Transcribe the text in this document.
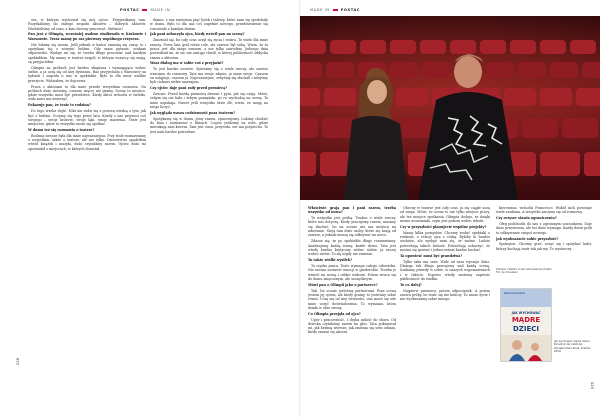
POSTAĆ	MADE IN

ora, w którym wychował się mój ojciec. Przyjeżdżamy tam. Pozyskaliśmy do stałego zespołu aktorów – dobrych aktorów. Wiedzieliśmy od razu, z kim chcemy pracować. Stefanie!

Pan jest z Olimpią, wcześniej osobno studiowała w Krakowie i Warszawie. Teraz mamy po raz pierwszy wspólnego reżysera.

Nie lubimy się razem. Jeśli jednak w końcu zmienią się czasy, to i spotykam się z nowymi ludźmi. Gdy mam pytanie, szukam odpowiedzi. Wydaje mi się, że trzeba długo pracować nad każdym spektaklem. My mamy w teatrze zespół, w którym wszyscy się znają, są przyjaciółmi.

Olimpia na próbach jest bardzo skupiona i wymagająca wobec siebie, a ja uczę się od niej dystansu. Raz przyjechała z Warszawy na tydzień i zagrała u nas w spektaklu. Było to dla mnie wielkie przeżycie. Widziałem, że dojrzewa.

Praca z aktorami to dla mnie przede wszystkim rozmowa. Na próbach dużo mówimy, czasem więcej niż gramy. Scena to miejsce, gdzie wszystko musi być prawdziwe. Kiedy aktor wchodzi w światło, widz musi mu uwierzyć.

Pokazuje pan, że teatr to rodzina?

Do tego trzeba dojść. Nikt nie rodzi się z gotową wiedzą o tym, jak być z ludźmi. Uczymy się tego przez lata. Każdy z nas przynosi coś swojego – swoje historie, swoje lęki, swoje marzenia. Teatr jest miejscem, gdzie to wszystko może się spotkać.

W domu też się rozmawia o teatrze?

Rodzina zawsze była dla mnie najważniejsza. Przy stole rozmawiamy o wszystkim, także o teatrze, ale nie tylko. Dzieciństwo spędziłem wśród książek i muzyki, dużo czytaliśmy razem. Ojciec dużo mi opowiadał o miejscach, w których dorastał.

tkanie, z nas wymienia pięć łyżek i talerzy, które nam się spodobały w domu. Było to dla nas coś zupełnie nowego, przedstawienie się rozrastało z każdym dniem.

Jak pani zobaczyła ojca, kiedy wrócił pan na scenę?

Zmieniał się, bo cały czas uczył się życia i teatru. To wiele dla mnie znaczy. Przez lata grał różne role, ale zawsze był sobą. Wiem, że ta praca jest dla niego sensem, a nie tylko zawodem. Jednego dnia powiedział mi, że nic nie zastąpi chwili, w której publiczność oddycha razem z aktorem.

Wasz dialog ma w sobie coś z przyjaźni?

To jest bardzo szczere. Spieramy się o wiele rzeczy, ale zawsze wracamy do rozmowy. Tata ma swoje zdanie, ja mam swoje. Czasem on ustępuje, czasem ja. Najważniejsze, żebyśmy się słuchali i żebyśmy byli ciekawi siebie nawzajem.

Czy ojciec daje pani rady przed premierą?

Zawsze. Przed każdą premierą dzwoni i pyta, jak się czuję. Mówi, żebym się nie bała i żebym pamiętała, po co wychodzę na scenę. To mnie uspokaja. Nawet jeśli wszystko idzie źle, wiem, że mogę na niego liczyć.

Jak wygląda wasza codzienność poza teatrem?

Spotykamy się w domu, jemy razem, spacerujemy. Lubimy chodzić do kina i rozmawiać o filmach. Często jeździmy na wieś, gdzie mieszkają nasi krewni. Tam jest cisza, przyroda, nie ma pośpiechu. To jest nam bardzo potrzebne.

026
MADE IN	POSTAĆ

Właściwie grają pan i pani razem, trzeba wszystko od nowa?

To wszystko jest próbą. Trudno o wiele rzeczy, które nas dotyczą. Kiedy pracujemy razem, musimy się słuchać, bo na scenie nie ma miejsca na udawanie. Stoją tam dwie osoby, które się znają od zawsze, a jednak muszą się odkrywać na nowo.

Zdarza się, że po spektaklu długo rozmawiamy. Analizujemy każdą scenę, każde słowo. Tata jest wtedy bardzo krytyczny wobec siebie, ja raczej wobec siebie. To się nigdy nie zmienia.

To także wielki wysiłek?

To ciężka praca. Teatr wymaga całego człowieka. Nie można zostawić emocji w garderobie. Trzeba je wnieść na scenę i oddać widzom. Potem wraca się do domu zmęczonym, ale szczęśliwym.

Mówi pan o Olimpii jako o partnerce?

Tak. Na scenie jesteśmy partnerami. Poza sceną jestem jej ojcem, ale kiedy gramy, to jesteśmy sobie równi. Uczę się od niej świeżości, ona może się ode mnie uczyć doświadczenia. To wymiana, która działa w obie strony.

Co Olimpia przejęła od ojca?

Upór i pracowitość. I chyba miłość do słowa. Od dziecka czytaliśmy razem na głos. Tata pokazywał mi, jak brzmią wiersze, jak zmienia się sens zdania, kiedy zmieni się akcent.

Obecny w teatrze jest cały czas, ja się ciągle uczę od niego. Mówi, że scena to nie tylko miejsce pracy, ale też miejsce spotkania. Olimpia dodaje, że dzięki niemu zrozumiała, czym jest pokora wobec tekstu.

Czy w przyszłości planujecie wspólne projekty?

Mamy kilka pomysłów. Chcemy zrobić spektakl o rodzinie, o relacji ojca z córką. Byłoby to bardzo osobiste, ale wydaje nam się, że ważne. Ludzie potrzebują takich historii. Potrzebują zobaczyć, że można się spierać i jednocześnie bardzo kochać.

Ta opowieść musi być prawdziwa?

Tylko taka ma sens. Widz od razu wyczuje fałsz. Dlatego tak długo pracujemy nad każdą sceną. Szukamy prawdy w sobie, w naszych wspomnieniach i w tekście. Dopiero wtedy możemy zaprosić publiczność do środka.

To co dalej?

Najpierw premiera, potem odpoczynek. A potem znowu próby, bo teatr się nie kończy. To nasze życie i nie wyobrażamy sobie innego.

kierowana, wchodzi Francesco. Wokół nich powstaje wiele zaufania. A wszystko zaczyna się od rozmowy.

Czy reżyser stawia ograniczenia?

Ołeg podchodzi do nas z ogromnym szacunkiem. Daje dużo przestrzeni, ale też dużo wymaga. Każdy dzień prób to odkrywanie czegoś nowego.

Jak wyobrażacie sobie przyszłość?

Spokojnie. Chcemy grać, uczyć się i spotykać ludzi, którzy kochają teatr tak jak my. To wystarczy.

Olimpia i Stefan w sali widowiskowej teatru
Fot. Jan Kowalski
Paweł Kozłowski
JAK WYCHOWAĆ
MĄDRE
DZIECI
Jak wychować mądre dzieci. Poradnik dla rodziców. Wydawnictwo Znak. Kraków 2019.
029
